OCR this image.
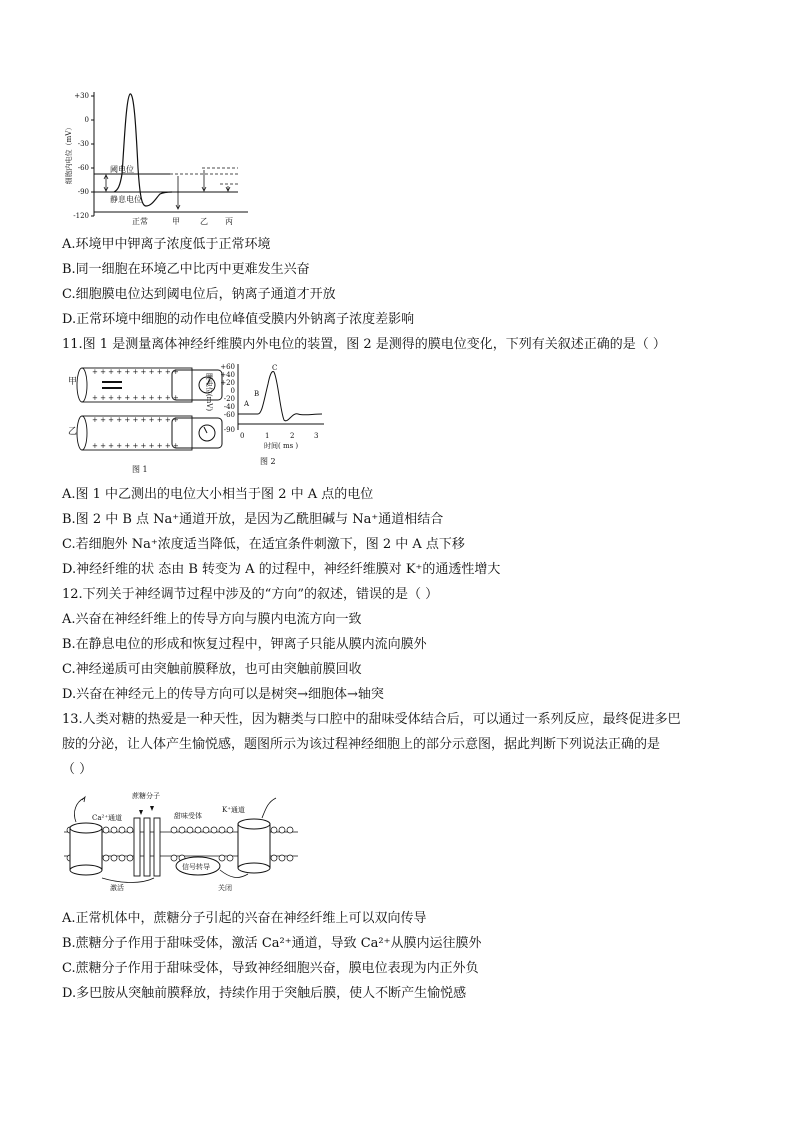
+30
0
-30
-60
-90
-120
细胞内电位（mV）	阈电位
静息电位
正常	甲	乙 丙
A.环境甲中钾离子浓度低于正常环境
B.同一细胞在环境乙中比丙中更难发生兴奋
C.细胞膜电位达到阈电位后，钠离子通道才开放
D.正常环境中细胞的动作电位峰值受膜内外钠离子浓度差影响
11.图 1 是测量离体神经纤维膜内外电位的装置，图 2 是测得的膜电位变化，下列有关叙述正确的是（ ）
甲
乙
+ + + + + + + + + + +
+ + + + + + + + + + +
+ + + + + + + + + + +
+ + + + + + + + + + +
图 1
膜电位(mV)
+60
+40
+20
0
-20
-40
-60
-90
A
B
C
0	1	2	3
时间( ms )
图 2
A.图 1 中乙测出的电位大小相当于图 2 中 A 点的电位
B.图 2 中 B 点 Na⁺通道开放，是因为乙酰胆碱与 Na⁺通道相结合
C.若细胞外 Na⁺浓度适当降低，在适宜条件刺激下，图 2 中 A 点下移
D.神经纤维的状 态由 B 转变为 A 的过程中，神经纤维膜对 K⁺的通透性增大
12.下列关于神经调节过程中涉及的“方向”的叙述，错误的是（ ）
A.兴奋在神经纤维上的传导方向与膜内电流方向一致
B.在静息电位的形成和恢复过程中，钾离子只能从膜内流向膜外
C.神经递质可由突触前膜释放，也可由突触前膜回收
D.兴奋在神经元上的传导方向可以是树突→细胞体→轴突
13.人类对糖的热爱是一种天性，因为糖类与口腔中的甜味受体结合后，可以通过一系列反应，最终促进多巴
胺的分泌，让人体产生愉悦感，题图所示为该过程神经细胞上的部分示意图，据此判断下列说法正确的是
（ ）
蔗糖分子
Ca²⁺通道	甜味受体
K⁺通道
信号转导
激活	关闭
A.正常机体中，蔗糖分子引起的兴奋在神经纤维上可以双向传导
B.蔗糖分子作用于甜味受体，激活 Ca²⁺通道，导致 Ca²⁺从膜内运往膜外
C.蔗糖分子作用于甜味受体，导致神经细胞兴奋，膜电位表现为内正外负
D.多巴胺从突触前膜释放，持续作用于突触后膜，使人不断产生愉悦感
